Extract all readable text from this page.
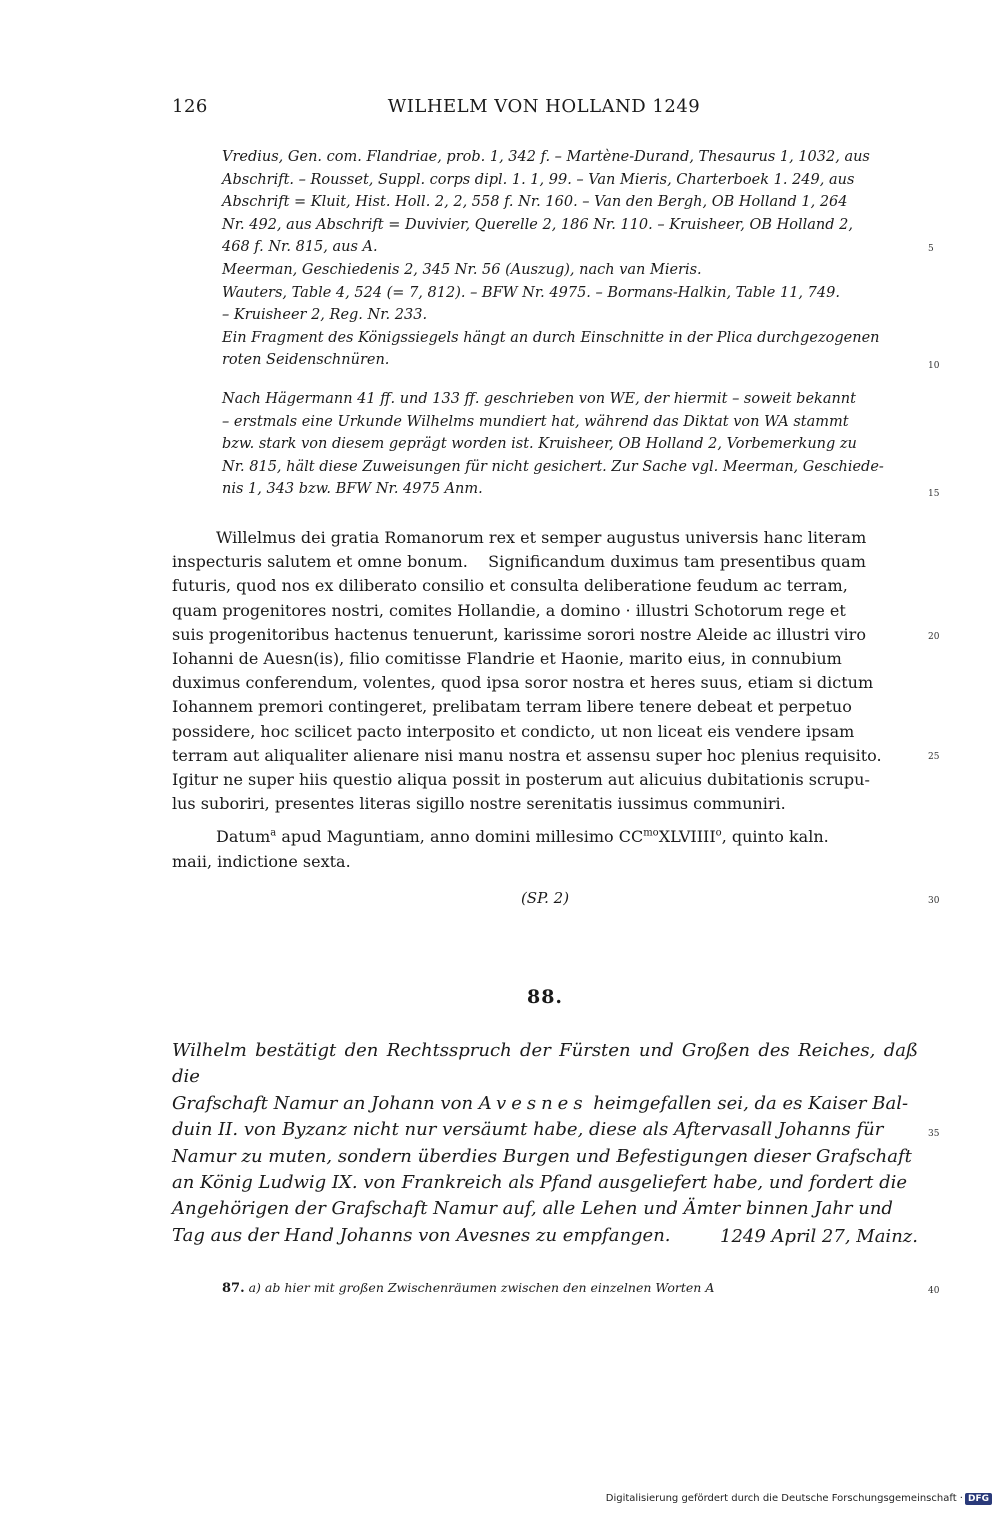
126	WILHELM VON HOLLAND 1249

Vredius, Gen. com. Flandriae, prob. 1, 342 f. – Martène-Durand, Thesaurus 1, 1032, aus

Abschrift. – Rousset, Suppl. corps dipl. 1. 1, 99. – Van Mieris, Charterboek 1. 249, aus

Abschrift = Kluit, Hist. Holl. 2, 2, 558 f. Nr. 160. – Van den Bergh, OB Holland 1, 264

Nr. 492, aus Abschrift = Duvivier, Querelle 2, 186 Nr. 110. – Kruisheer, OB Holland 2,

468 f. Nr. 815, aus A.

Meerman, Geschiedenis 2, 345 Nr. 56 (Auszug), nach van Mieris.

Wauters, Table 4, 524 (= 7, 812). – BFW Nr. 4975. – Bormans-Halkin, Table 11, 749.

– Kruisheer 2, Reg. Nr. 233.

Ein Fragment des Königssiegels hängt an durch Einschnitte in der Plica durchgezogenen

roten Seidenschnüren.

Nach Hägermann 41 ff. und 133 ff. geschrieben von WE, der hiermit – soweit bekannt

– erstmals eine Urkunde Wilhelms mundiert hat, während das Diktat von WA stammt

bzw. stark von diesem geprägt worden ist. Kruisheer, OB Holland 2, Vorbemerkung zu

Nr. 815, hält diese Zuweisungen für nicht gesichert. Zur Sache vgl. Meerman, Geschiede-

nis 1, 343 bzw. BFW Nr. 4975 Anm.

Willelmus dei gratia Romanorum rex et semper augustus universis hanc literam
inspecturis salutem et omne bonum.    Significandum duximus tam presentibus quam
futuris, quod nos ex diliberato consilio et consulta deliberatione feudum ac terram,
quam progenitores nostri, comites Hollandie, a domino · illustri Schotorum rege et
suis progenitoribus hactenus tenuerunt, karissime sorori nostre Aleide ac illustri viro
Iohanni de Auesn(is), filio comitisse Flandrie et Haonie, marito eius, in connubium
duximus conferendum, volentes, quod ipsa soror nostra et heres suus, etiam si dictum
Iohannem premori contingeret, prelibatam terram libere tenere debeat et perpetuo
possidere, hoc scilicet pacto interposito et condicto, ut non liceat eis vendere ipsam
terram aut aliqualiter alienare nisi manu nostra et assensu super hoc plenius requisito.
Igitur ne super hiis questio aliqua possit in posterum aut alicuius dubitationis scrupu-
lus suboriri, presentes literas sigillo nostre serenitatis iussimus communiri.
Datum$^a$ apud Maguntiam, anno domini millesimo $CC^{mo}XLVIIII^o$, quinto kaln.
maii, indictione sexta.
(SP. 2)
88.

Wilhelm bestätigt den Rechtsspruch der Fürsten und Großen des Reiches, daß die

Grafschaft Namur an Johann von Avesnes heimgefallen sei, da es Kaiser Bal-

duin II. von Byzanz nicht nur versäumt habe, diese als Aftervasall Johanns für

Namur zu muten, sondern überdies Burgen und Befestigungen dieser Grafschaft

an König Ludwig IX. von Frankreich als Pfand ausgeliefert habe, und fordert die

Angehörigen der Grafschaft Namur auf, alle Lehen und Ämter binnen Jahr und

Tag aus der Hand Johanns von Avesnes zu empfangen.	1249 April 27, Mainz.
87. a) ab hier mit großen Zwischenräumen zwischen den einzelnen Worten A
5
10
15
20
25
30
35
40
Digitalisierung gefördert durch die Deutsche Forschungsgemeinschaft · DFG
